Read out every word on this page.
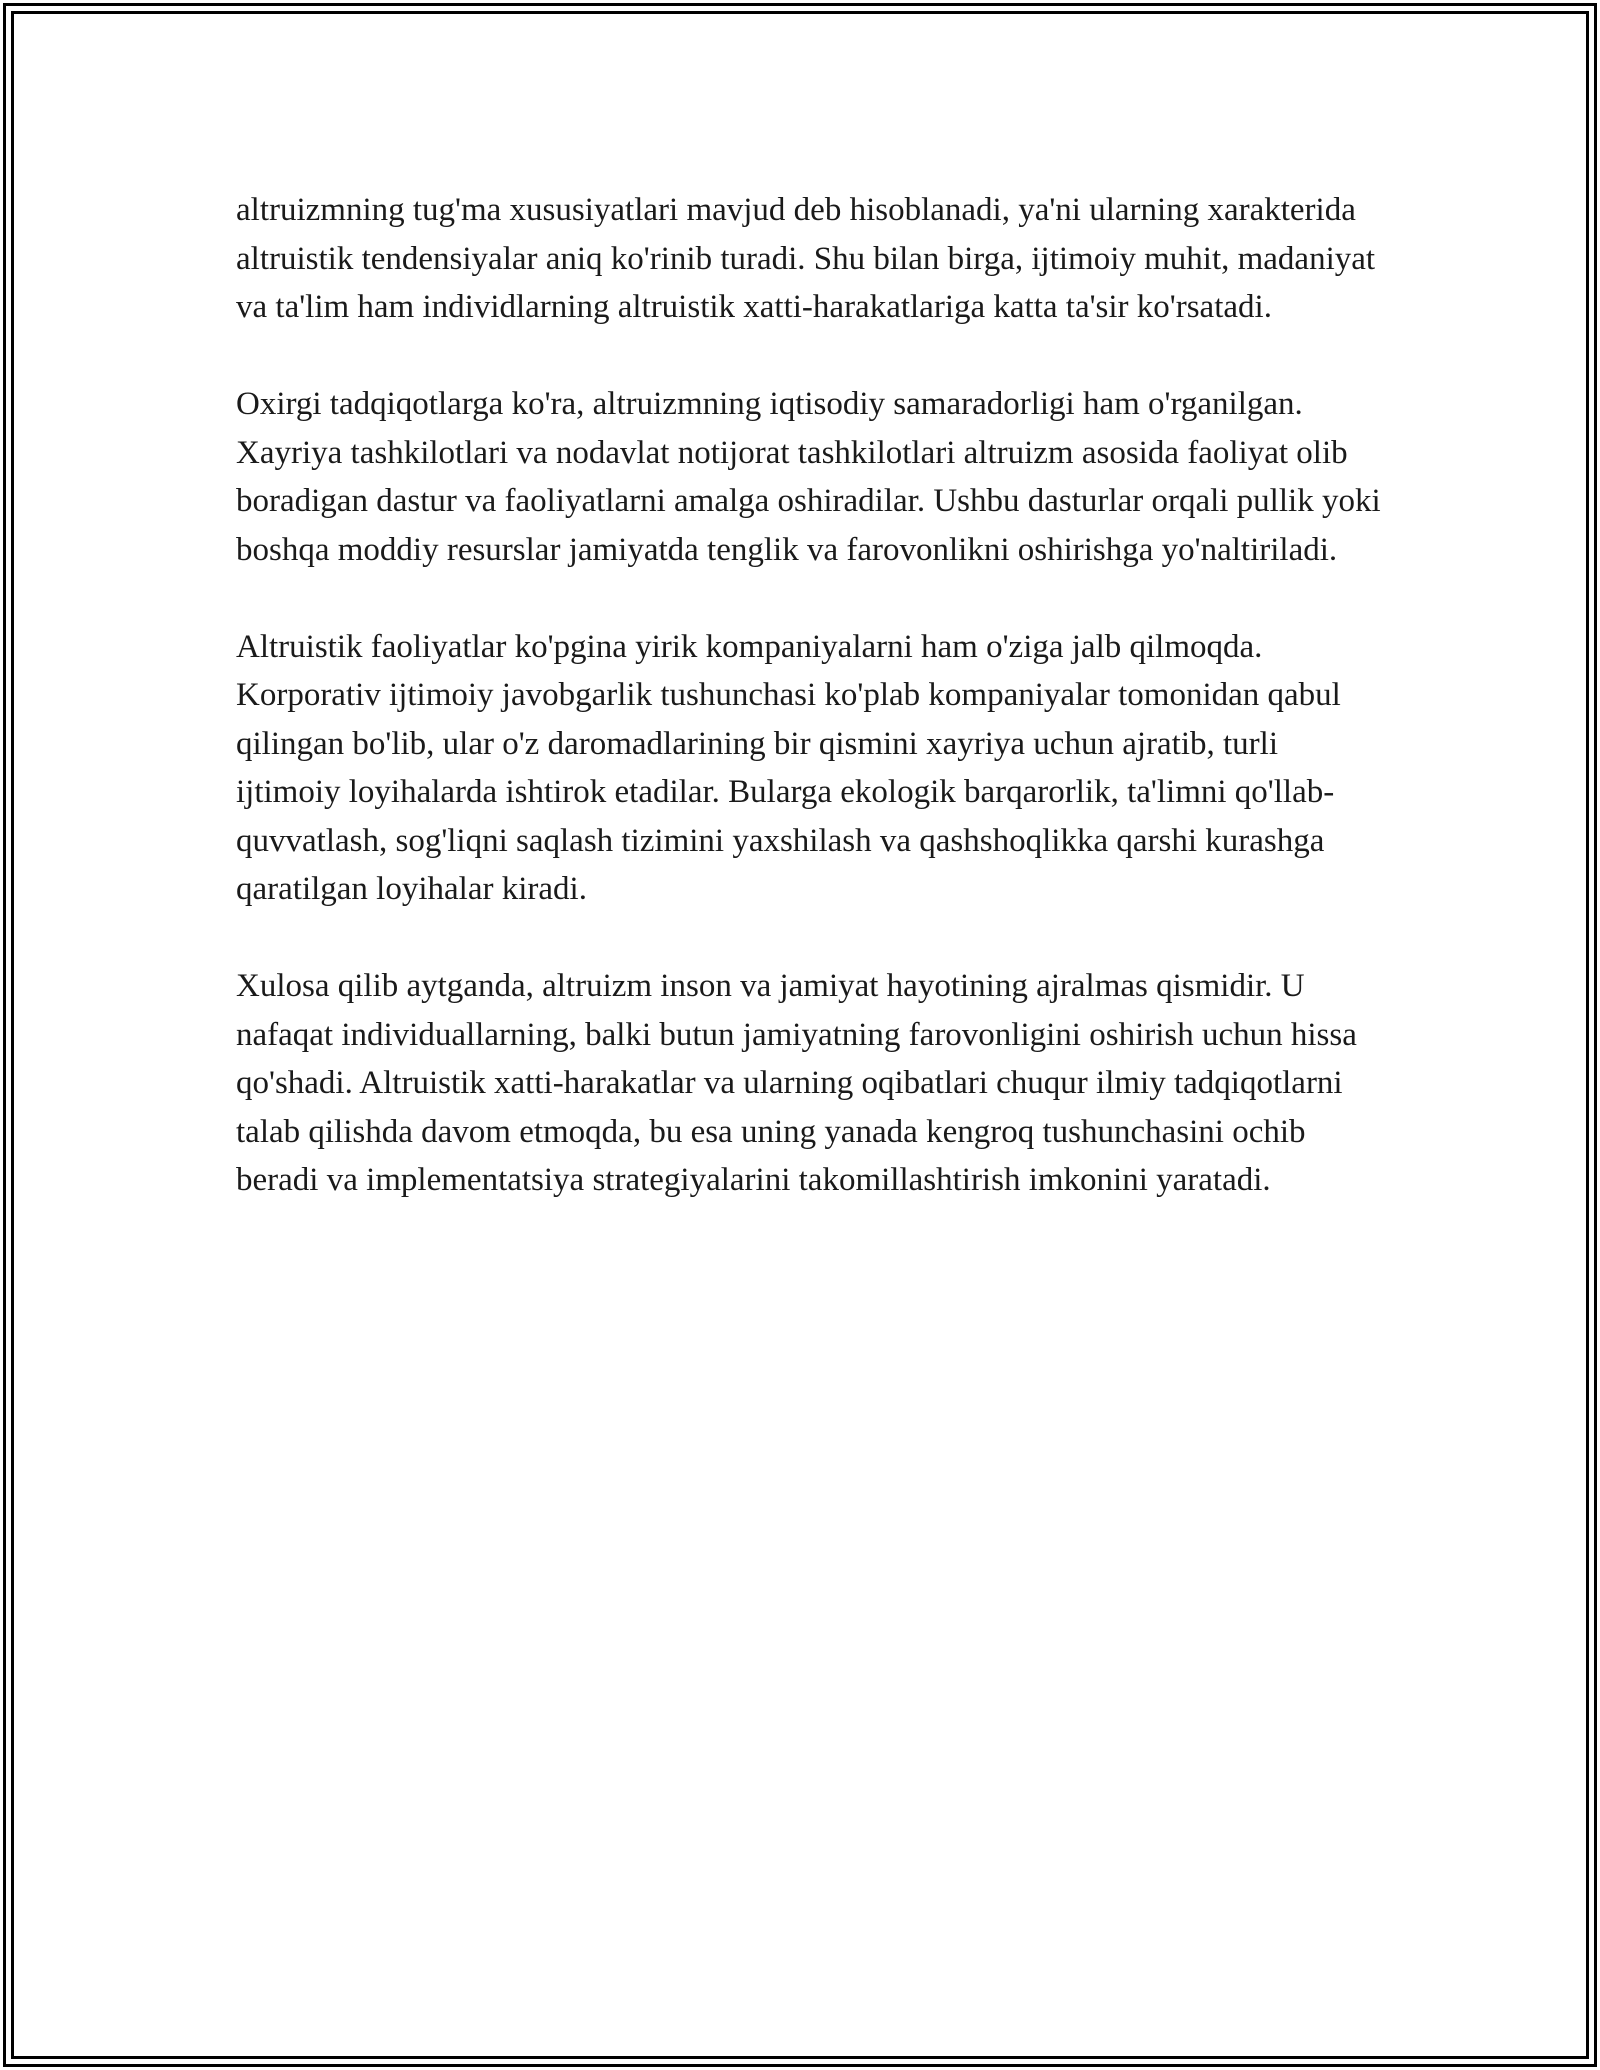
altruizmning tug'ma xususiyatlari mavjud deb hisoblanadi, ya'ni ularning xarakterida altruistik tendensiyalar aniq ko'rinib turadi. Shu bilan birga, ijtimoiy muhit, madaniyat va ta'lim ham individlarning altruistik xatti-harakatlariga katta ta'sir ko'rsatadi.

Oxirgi tadqiqotlarga ko'ra, altruizmning iqtisodiy samaradorligi ham o'rganilgan. Xayriya tashkilotlari va nodavlat notijorat tashkilotlari altruizm asosida faoliyat olib boradigan dastur va faoliyatlarni amalga oshiradilar. Ushbu dasturlar orqali pullik yoki boshqa moddiy resurslar jamiyatda tenglik va farovonlikni oshirishga yo'naltiriladi.

Altruistik faoliyatlar ko'pgina yirik kompaniyalarni ham o'ziga jalb qilmoqda. Korporativ ijtimoiy javobgarlik tushunchasi ko'plab kompaniyalar tomonidan qabul qilingan bo'lib, ular o'z daromadlarining bir qismini xayriya uchun ajratib, turli ijtimoiy loyihalarda ishtirok etadilar. Bularga ekologik barqarorlik, ta'limni qo'llab-quvvatlash, sog'liqni saqlash tizimini yaxshilash va qashshoqlikka qarshi kurashga qaratilgan loyihalar kiradi.

Xulosa qilib aytganda, altruizm inson va jamiyat hayotining ajralmas qismidir. U nafaqat individuallarning, balki butun jamiyatning farovonligini oshirish uchun hissa qo'shadi. Altruistik xatti-harakatlar va ularning oqibatlari chuqur ilmiy tadqiqotlarni talab qilishda davom etmoqda, bu esa uning yanada kengroq tushunchasini ochib beradi va implementatsiya strategiyalarini takomillashtirish imkonini yaratadi.
